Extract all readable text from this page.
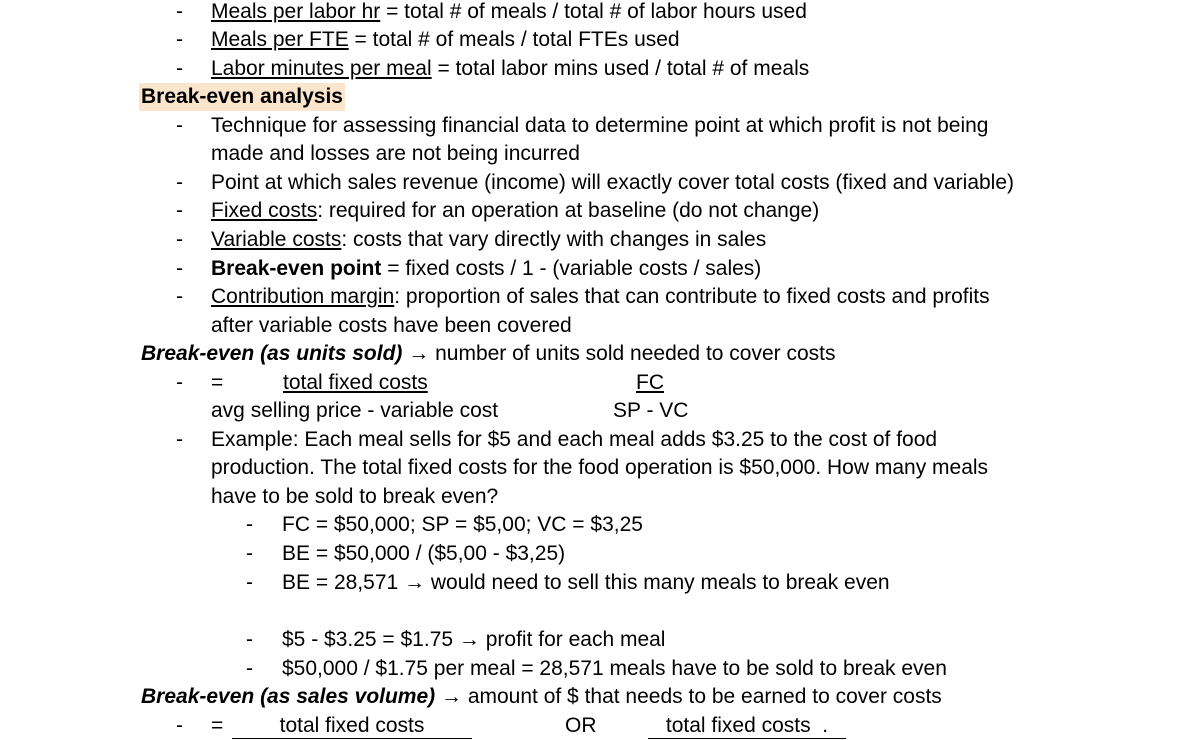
- Meals per labor hr = total # of meals / total # of labor hours used
- Meals per FTE = total # of meals / total FTEs used
- Labor minutes per meal = total labor mins used / total # of meals
Break-even analysis
- Technique for assessing financial data to determine point at which profit is not being
made and losses are not being incurred
- Point at which sales revenue (income) will exactly cover total costs (fixed and variable)
- Fixed costs: required for an operation at baseline (do not change)
- Variable costs: costs that vary directly with changes in sales
- Break-even point = fixed costs / 1 - (variable costs / sales)
- Contribution margin: proportion of sales that can contribute to fixed costs and profits
after variable costs have been covered
Break-even (as units sold) → number of units sold needed to cover costs
- =	total fixed costs	FC
avg selling price - variable cost	SP - VC
- Example: Each meal sells for $5 and each meal adds $3.25 to the cost of food
production. The total fixed costs for the food operation is $50,000. How many meals
have to be sold to break even?
- FC = $50,000; SP = $5,00; VC = $3,25
- BE = $50,000 / ($5,00 - $3,25)
- BE = 28,571 → would need to sell this many meals to break even
- $5 - $3.25 = $1.75 → profit for each meal
- $50,000 / $1.75 per meal = 28,571 meals have to be sold to break even
Break-even (as sales volume) → amount of $ that needs to be earned to cover costs
- =	total fixed costs	OR	total fixed costs  .
